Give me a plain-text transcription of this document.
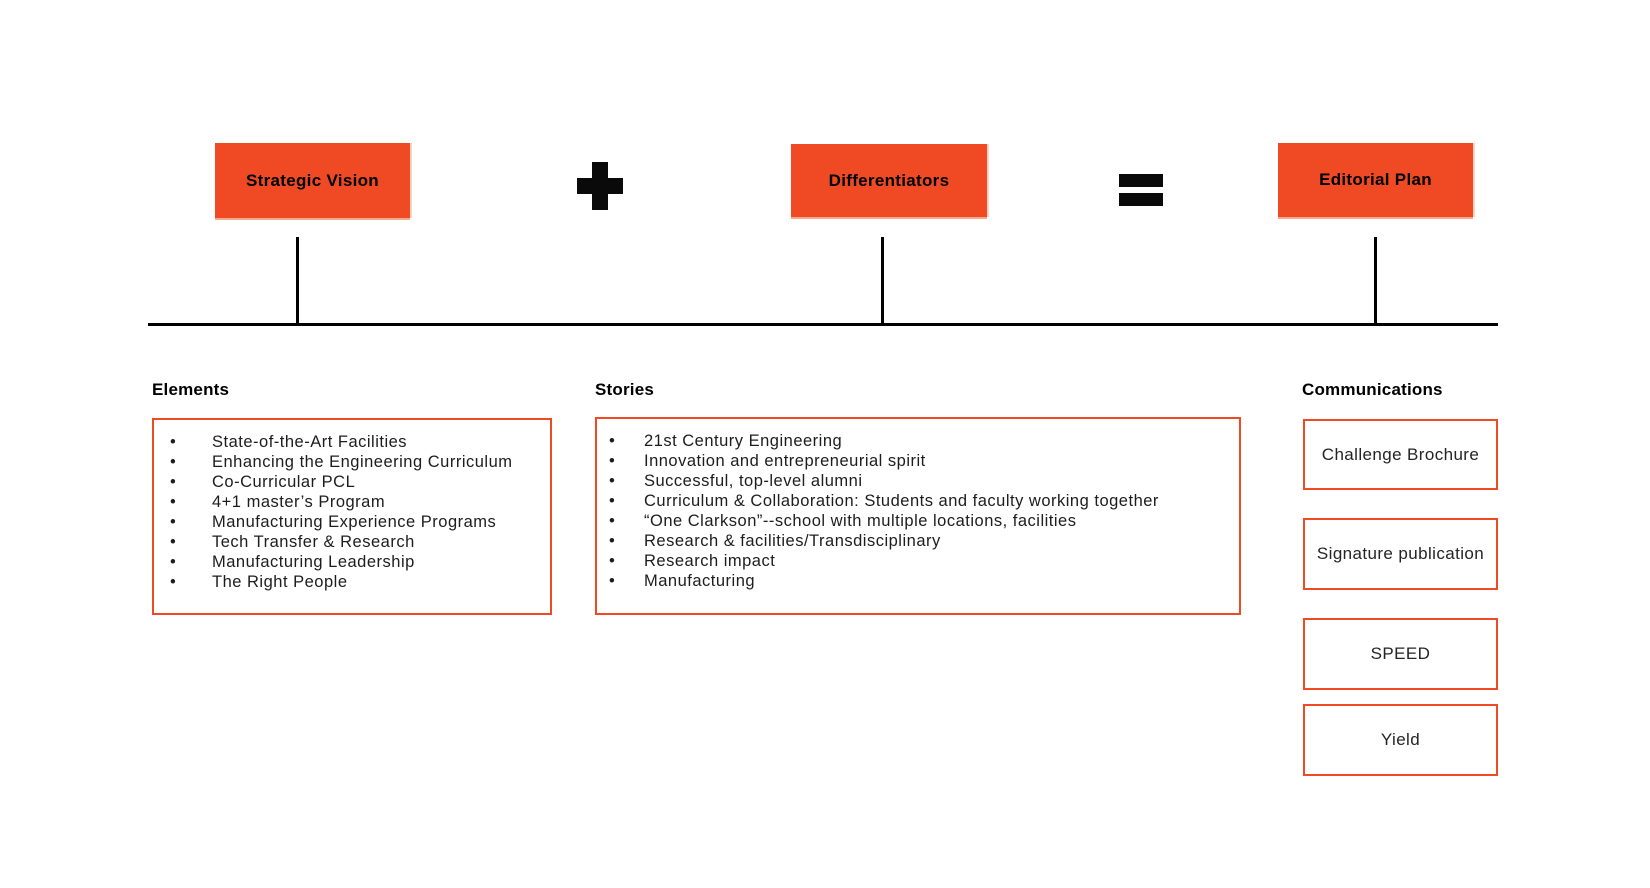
Strategic Vision	Differentiators	Editorial Plan
Elements
• State-of-the-Art Facilities
• Enhancing the Engineering Curriculum
• Co-Curricular PCL
• 4+1 master’s Program
• Manufacturing Experience Programs
• Tech Transfer & Research
• Manufacturing Leadership
• The Right People
Stories
• 21st Century Engineering
• Innovation and entrepreneurial spirit
• Successful, top-level alumni
• Curriculum & Collaboration: Students and faculty working together
• “One Clarkson”--school with multiple locations, facilities
• Research & facilities/Transdisciplinary
• Research impact
• Manufacturing
Communications
Challenge Brochure
Signature publication
SPEED
Yield
